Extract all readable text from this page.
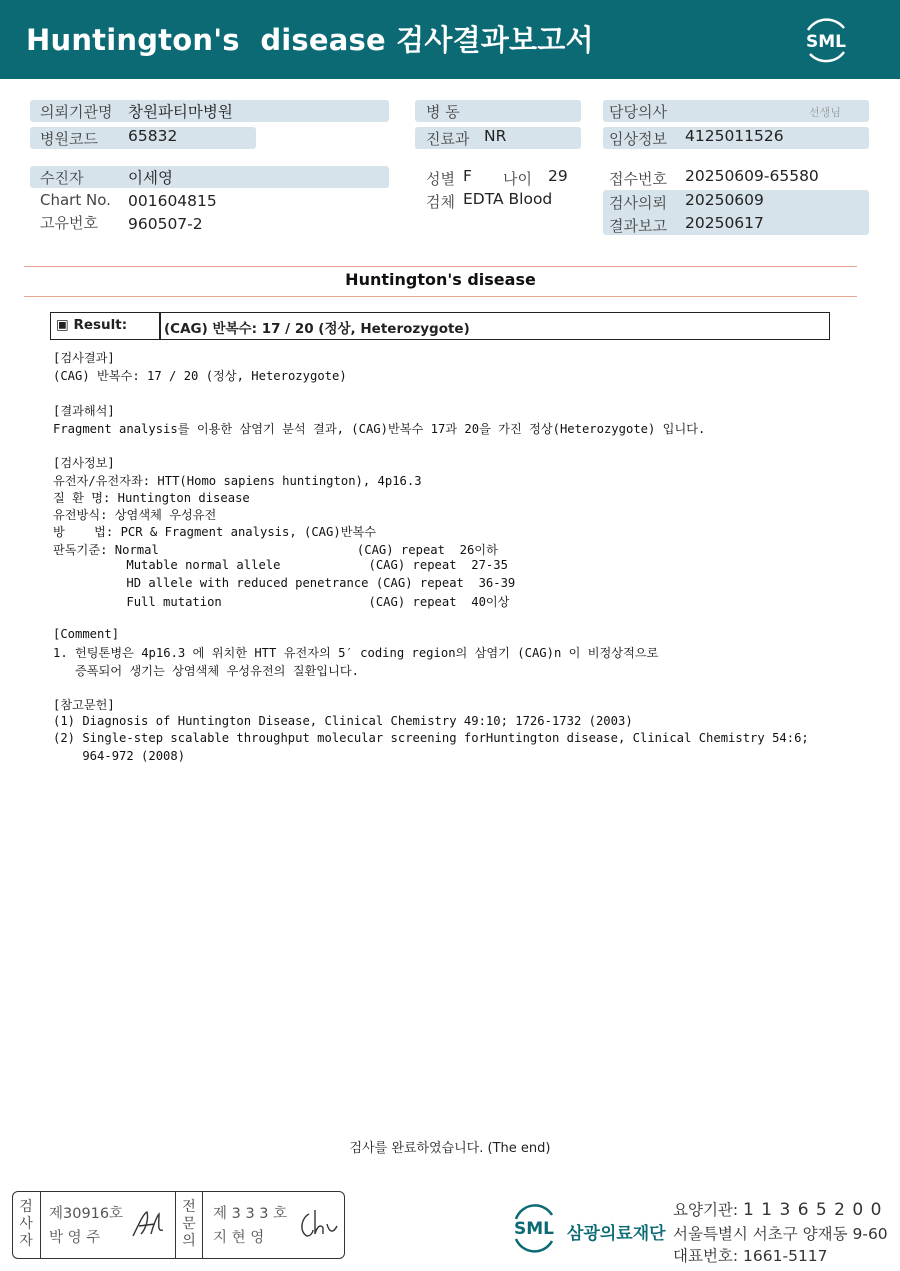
Huntington's  disease 검사결과보고서	SML
의뢰기관명 창원파티마병원
병원코드 65832
수진자	이세영
Chart No. 001604815
고유번호 960507-2
병 동
진료과 NR
성별 F 나이 29
검체 EDTA Blood
담당의사	선생님
임상정보 4125011526
접수번호 20250609-65580
검사의뢰 20250609
결과보고 20250617
Huntington's disease
▣ Result:	(CAG) 반복수: 17 / 20 (정상, Heterozygote)
[검사결과]
(CAG) 반복수: 17 / 20 (정상, Heterozygote)
[결과해석]
Fragment analysis를 이용한 삼염기 분석 결과, (CAG)반복수 17과 20을 가진 정상(Heterozygote) 입니다.
[검사정보]
유전자/유전자좌: HTT(Homo sapiens huntington), 4p16.3
질 환 명: Huntington disease
유전방식: 상염색체 우성유전
방    법: PCR & Fragment analysis, (CAG)반복수
판독기준: Normal                           (CAG) repeat  26이하
Mutable normal allele            (CAG) repeat  27-35
HD allele with reduced penetrance (CAG) repeat  36-39
Full mutation                    (CAG) repeat  40이상
[Comment]
1. 헌팅톤병은 4p16.3 에 위치한 HTT 유전자의 5′ coding region의 삼염기 (CAG)n 이 비정상적으로
증폭되어 생기는 상염색체 우성유전의 질환입니다.
[참고문헌]
(1) Diagnosis of Huntington Disease, Clinical Chemistry 49:10; 1726-1732 (2003)
(2) Single-step scalable throughput molecular screening forHuntington disease, Clinical Chemistry 54:6;
964-972 (2008)
검사를 완료하였습니다. (The end)
검
사
자
제30916호
박 영 주
전
문
의
제 3 3 3 호
지 현 영	SML 삼광의료재단
요양기관: 1 1 3 6 5 2 0 0
서울특별시 서초구 양재동 9-60
대표번호: 1661-5117
